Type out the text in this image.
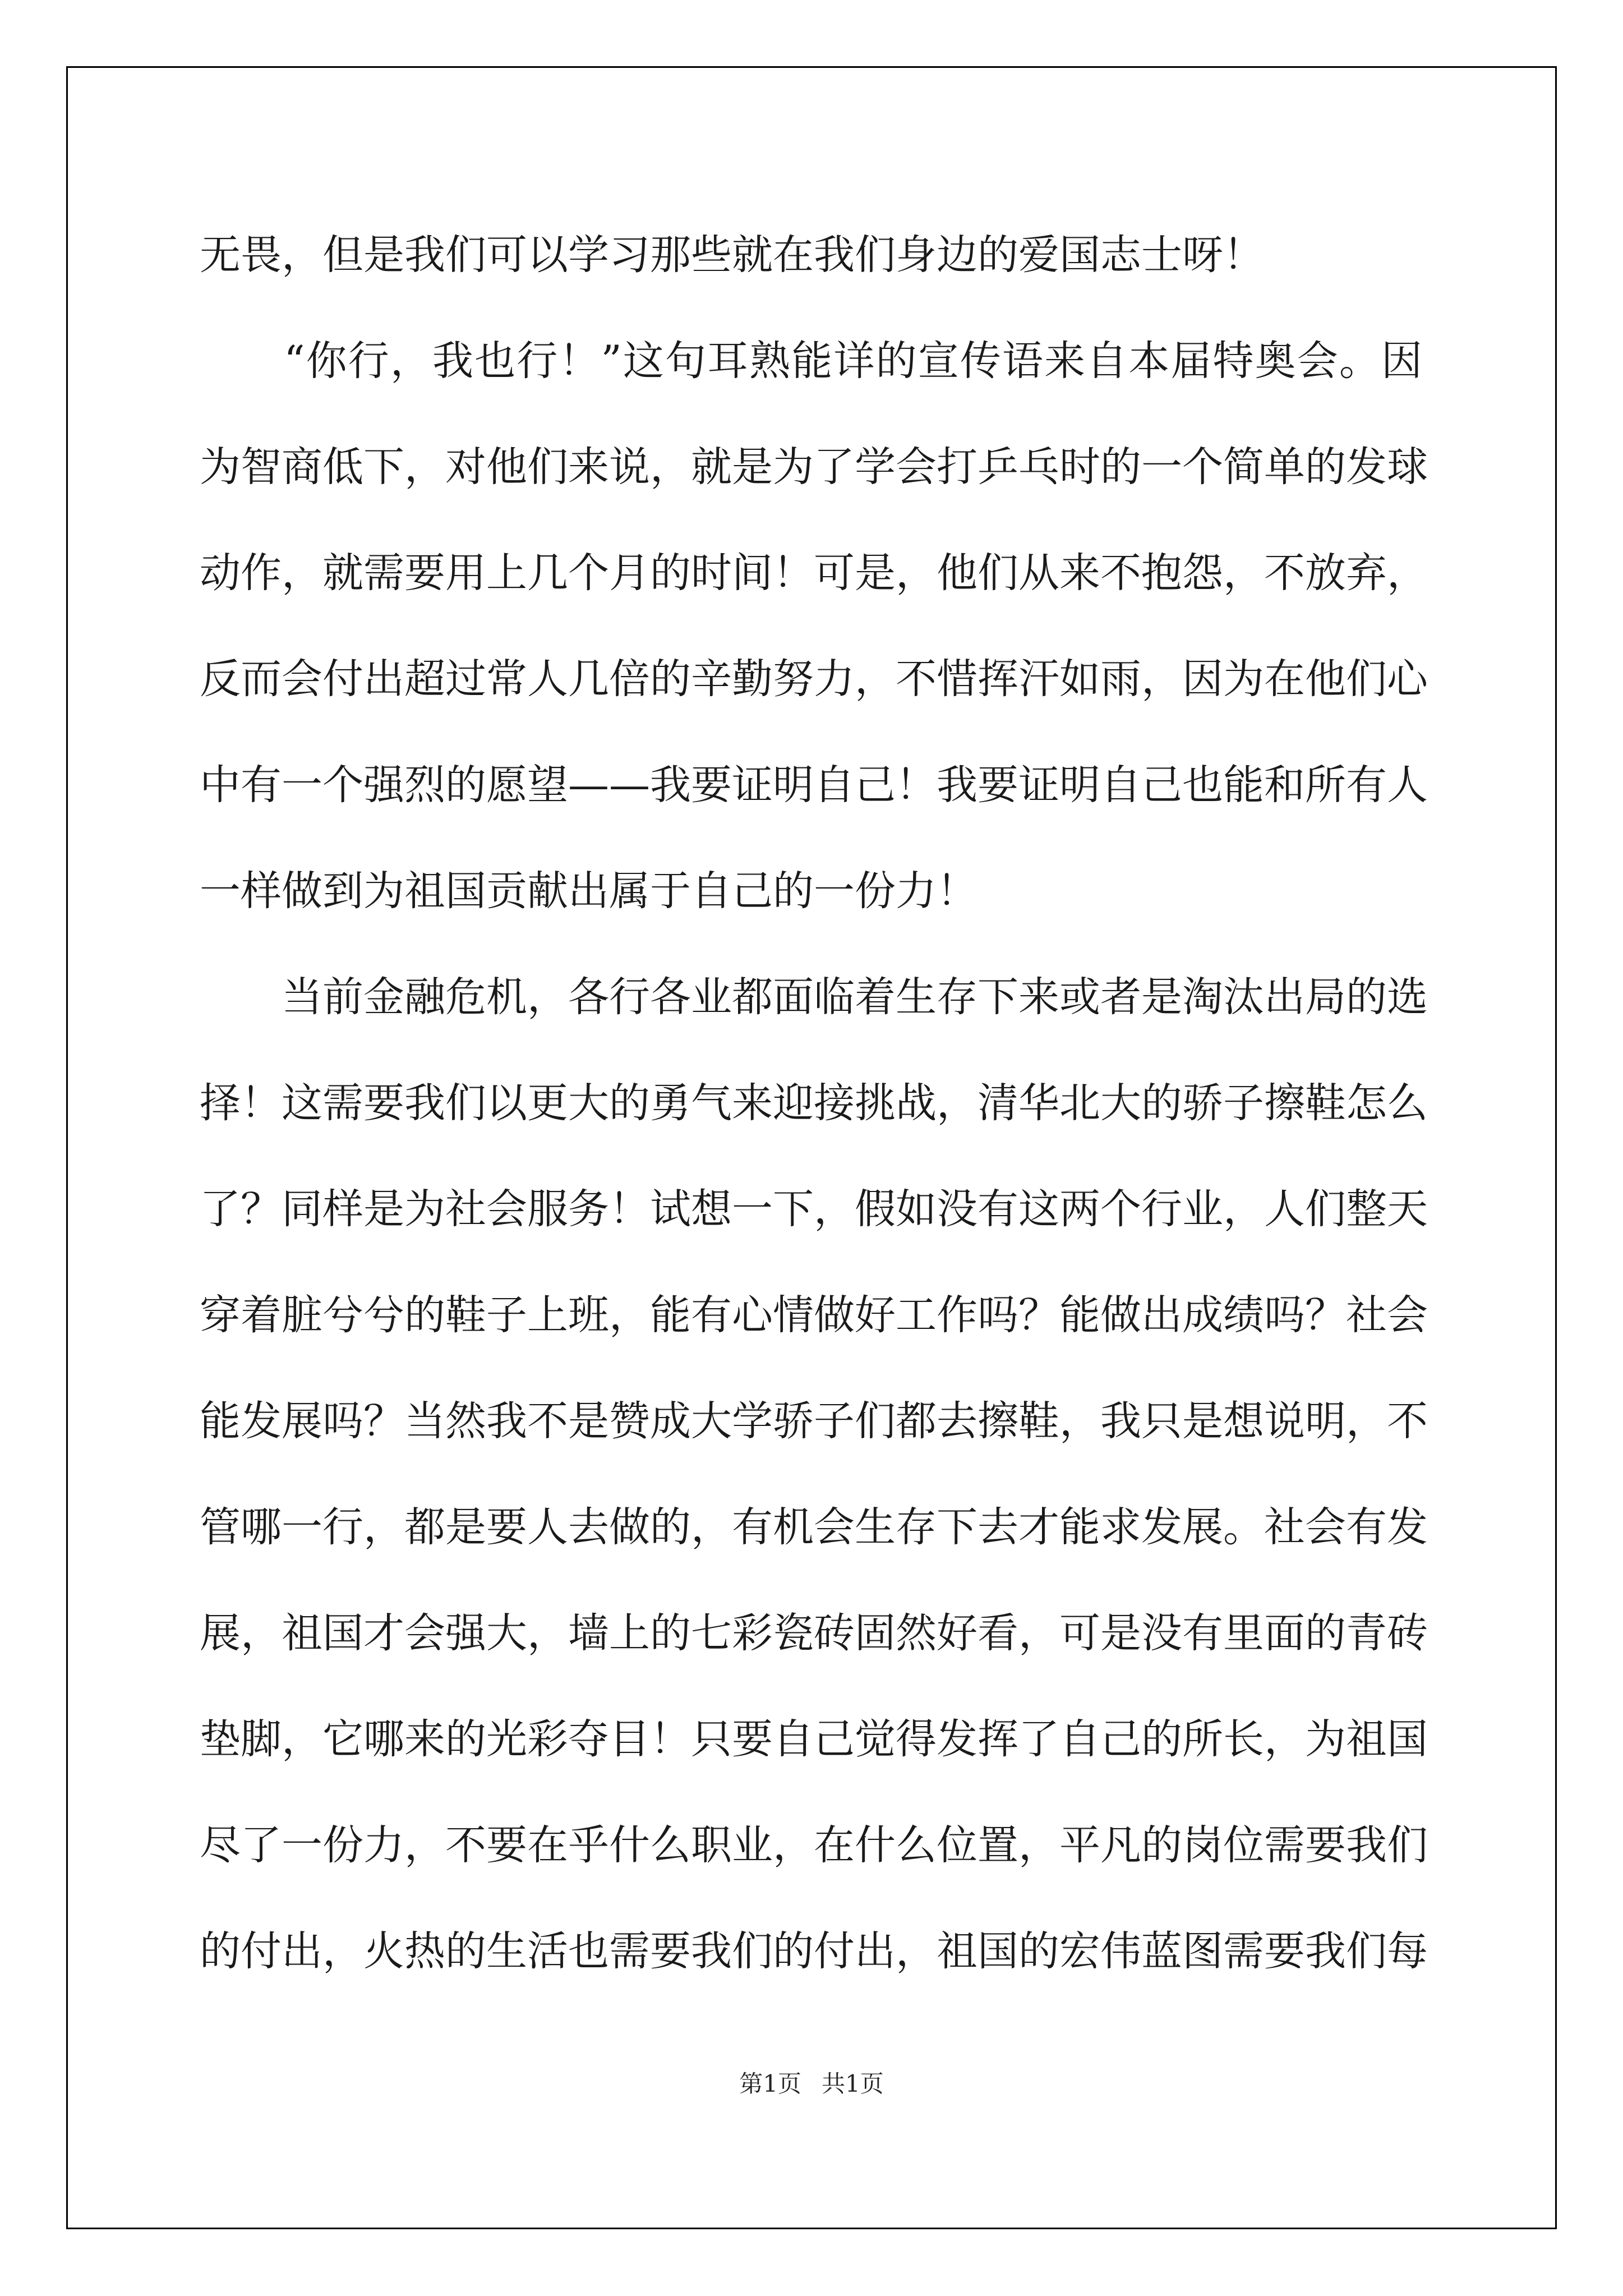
无畏，但是我们可以学习那些就在我们身边的爱国志士呀！
　　“你行，我也行！”这句耳熟能详的宣传语来自本届特奥会。因
为智商低下，对他们来说，就是为了学会打乒乓时的一个简单的发球
动作，就需要用上几个月的时间！可是，他们从来不抱怨，不放弃，
反而会付出超过常人几倍的辛勤努力，不惜挥汗如雨，因为在他们心
中有一个强烈的愿望——我要证明自己！我要证明自己也能和所有人
一样做到为祖国贡献出属于自己的一份力！
　　当前金融危机，各行各业都面临着生存下来或者是淘汰出局的选
择！这需要我们以更大的勇气来迎接挑战，清华北大的骄子擦鞋怎么
了？同样是为社会服务！试想一下，假如没有这两个行业，人们整天
穿着脏兮兮的鞋子上班，能有心情做好工作吗？能做出成绩吗？社会
能发展吗？当然我不是赞成大学骄子们都去擦鞋，我只是想说明，不
管哪一行，都是要人去做的，有机会生存下去才能求发展。社会有发
展，祖国才会强大，墙上的七彩瓷砖固然好看，可是没有里面的青砖
垫脚，它哪来的光彩夺目！只要自己觉得发挥了自己的所长，为祖国
尽了一份力，不要在乎什么职业，在什么位置，平凡的岗位需要我们
的付出，火热的生活也需要我们的付出，祖国的宏伟蓝图需要我们每
第1页 共1页
